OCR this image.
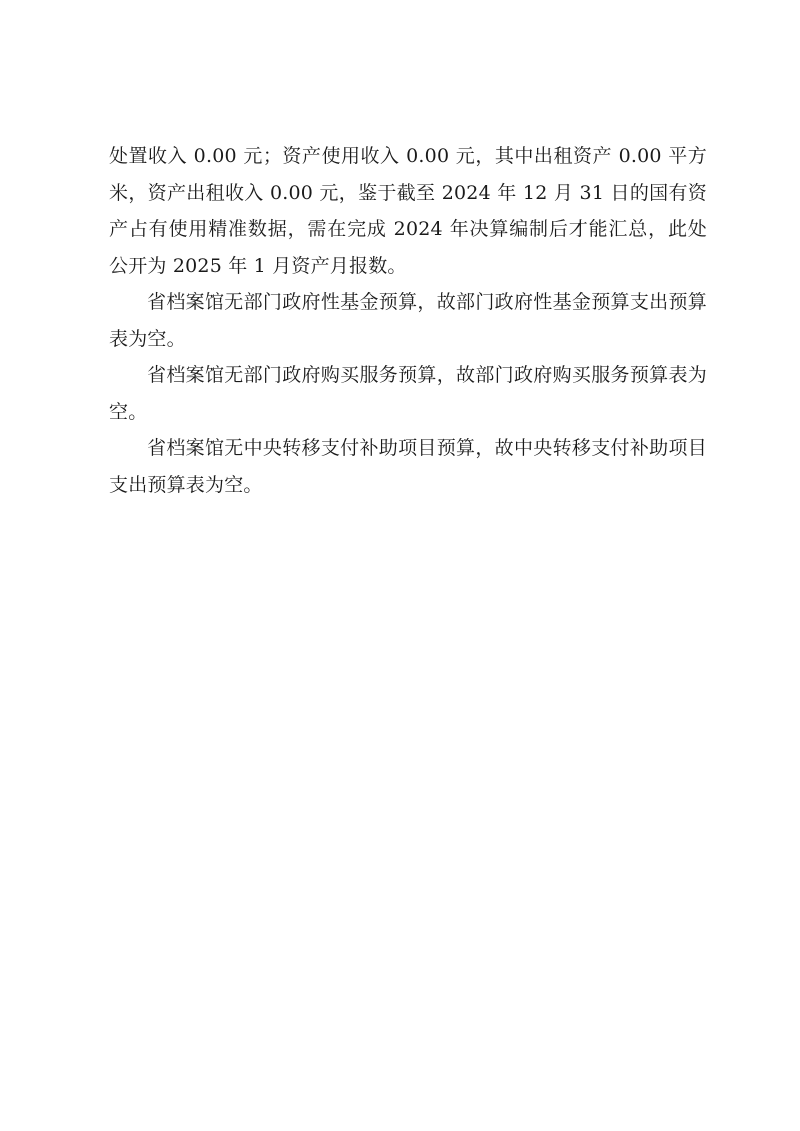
处置收入 0.00 元；资产使用收入 0.00 元，其中出租资产 0.00 平方米，资产出租收入 0.00 元，鉴于截至 2024 年 12 月 31 日的国有资产占有使用精准数据，需在完成 2024 年决算编制后才能汇总，此处公开为 2025 年 1 月资产月报数。

省档案馆无部门政府性基金预算，故部门政府性基金预算支出预算表为空。

省档案馆无部门政府购买服务预算，故部门政府购买服务预算表为空。

省档案馆无中央转移支付补助项目预算，故中央转移支付补助项目支出预算表为空。
